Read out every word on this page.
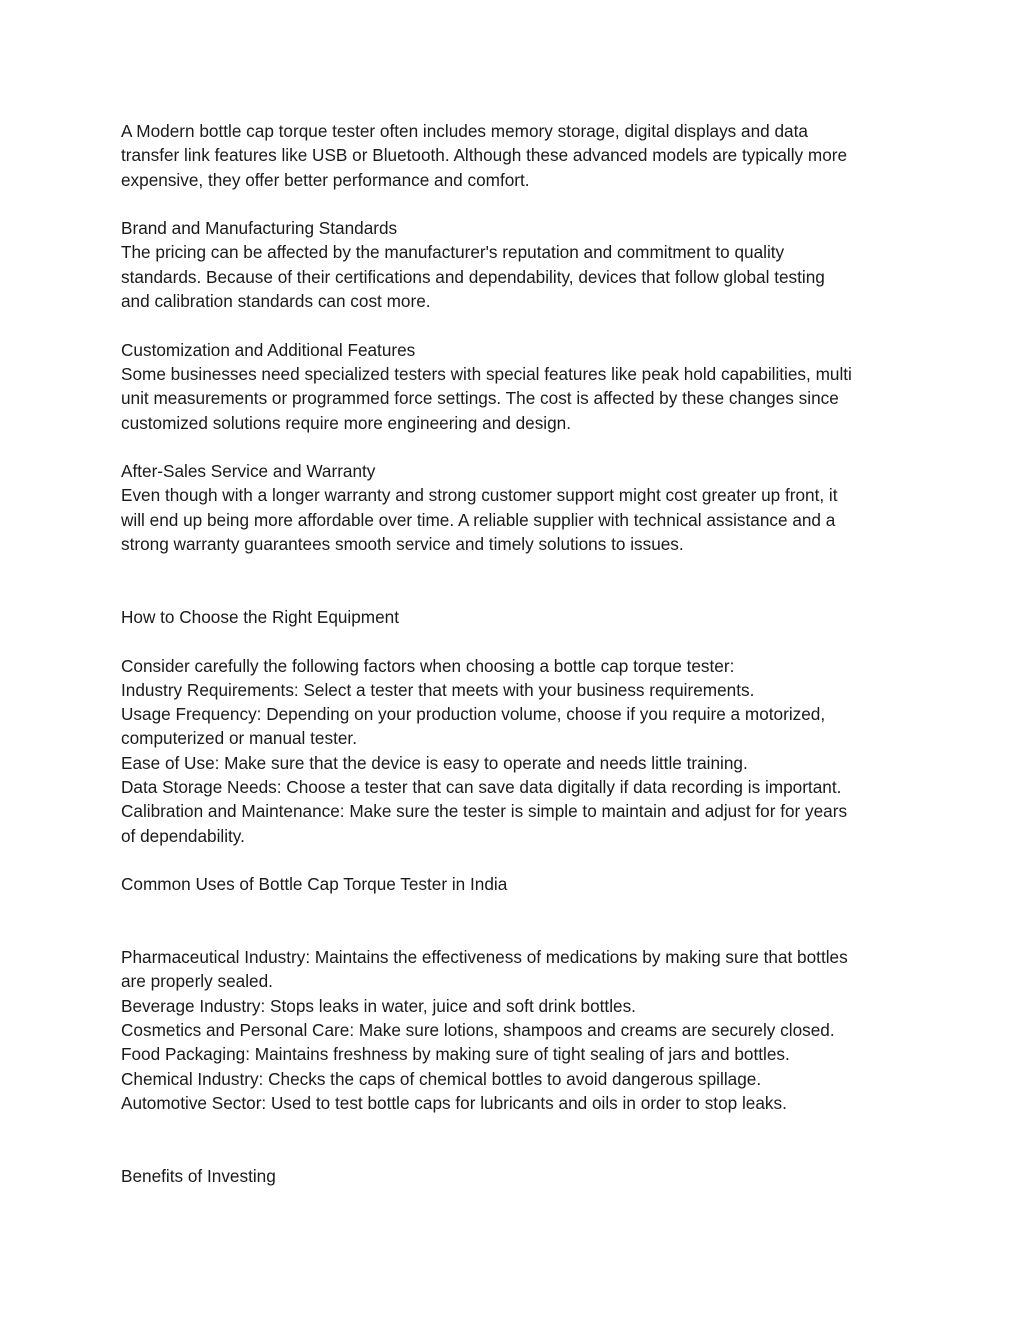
A Modern bottle cap torque tester often includes memory storage, digital displays and data
transfer link features like USB or Bluetooth. Although these advanced models are typically more
expensive, they offer better performance and comfort.
Brand and Manufacturing Standards
The pricing can be affected by the manufacturer's reputation and commitment to quality
standards. Because of their certifications and dependability, devices that follow global testing
and calibration standards can cost more.
Customization and Additional Features
Some businesses need specialized testers with special features like peak hold capabilities, multi
unit measurements or programmed force settings. The cost is affected by these changes since
customized solutions require more engineering and design.
After-Sales Service and Warranty
Even though with a longer warranty and strong customer support might cost greater up front, it
will end up being more affordable over time. A reliable supplier with technical assistance and a
strong warranty guarantees smooth service and timely solutions to issues.
How to Choose the Right Equipment
Consider carefully the following factors when choosing a bottle cap torque tester:
Industry Requirements: Select a tester that meets with your business requirements.
Usage Frequency: Depending on your production volume, choose if you require a motorized,
computerized or manual tester.
Ease of Use: Make sure that the device is easy to operate and needs little training.
Data Storage Needs: Choose a tester that can save data digitally if data recording is important.
Calibration and Maintenance: Make sure the tester is simple to maintain and adjust for for years
of dependability.
Common Uses of Bottle Cap Torque Tester in India
Pharmaceutical Industry: Maintains the effectiveness of medications by making sure that bottles
are properly sealed.
Beverage Industry: Stops leaks in water, juice and soft drink bottles.
Cosmetics and Personal Care: Make sure lotions, shampoos and creams are securely closed.
Food Packaging: Maintains freshness by making sure of tight sealing of jars and bottles.
Chemical Industry: Checks the caps of chemical bottles to avoid dangerous spillage.
Automotive Sector: Used to test bottle caps for lubricants and oils in order to stop leaks.
Benefits of Investing
